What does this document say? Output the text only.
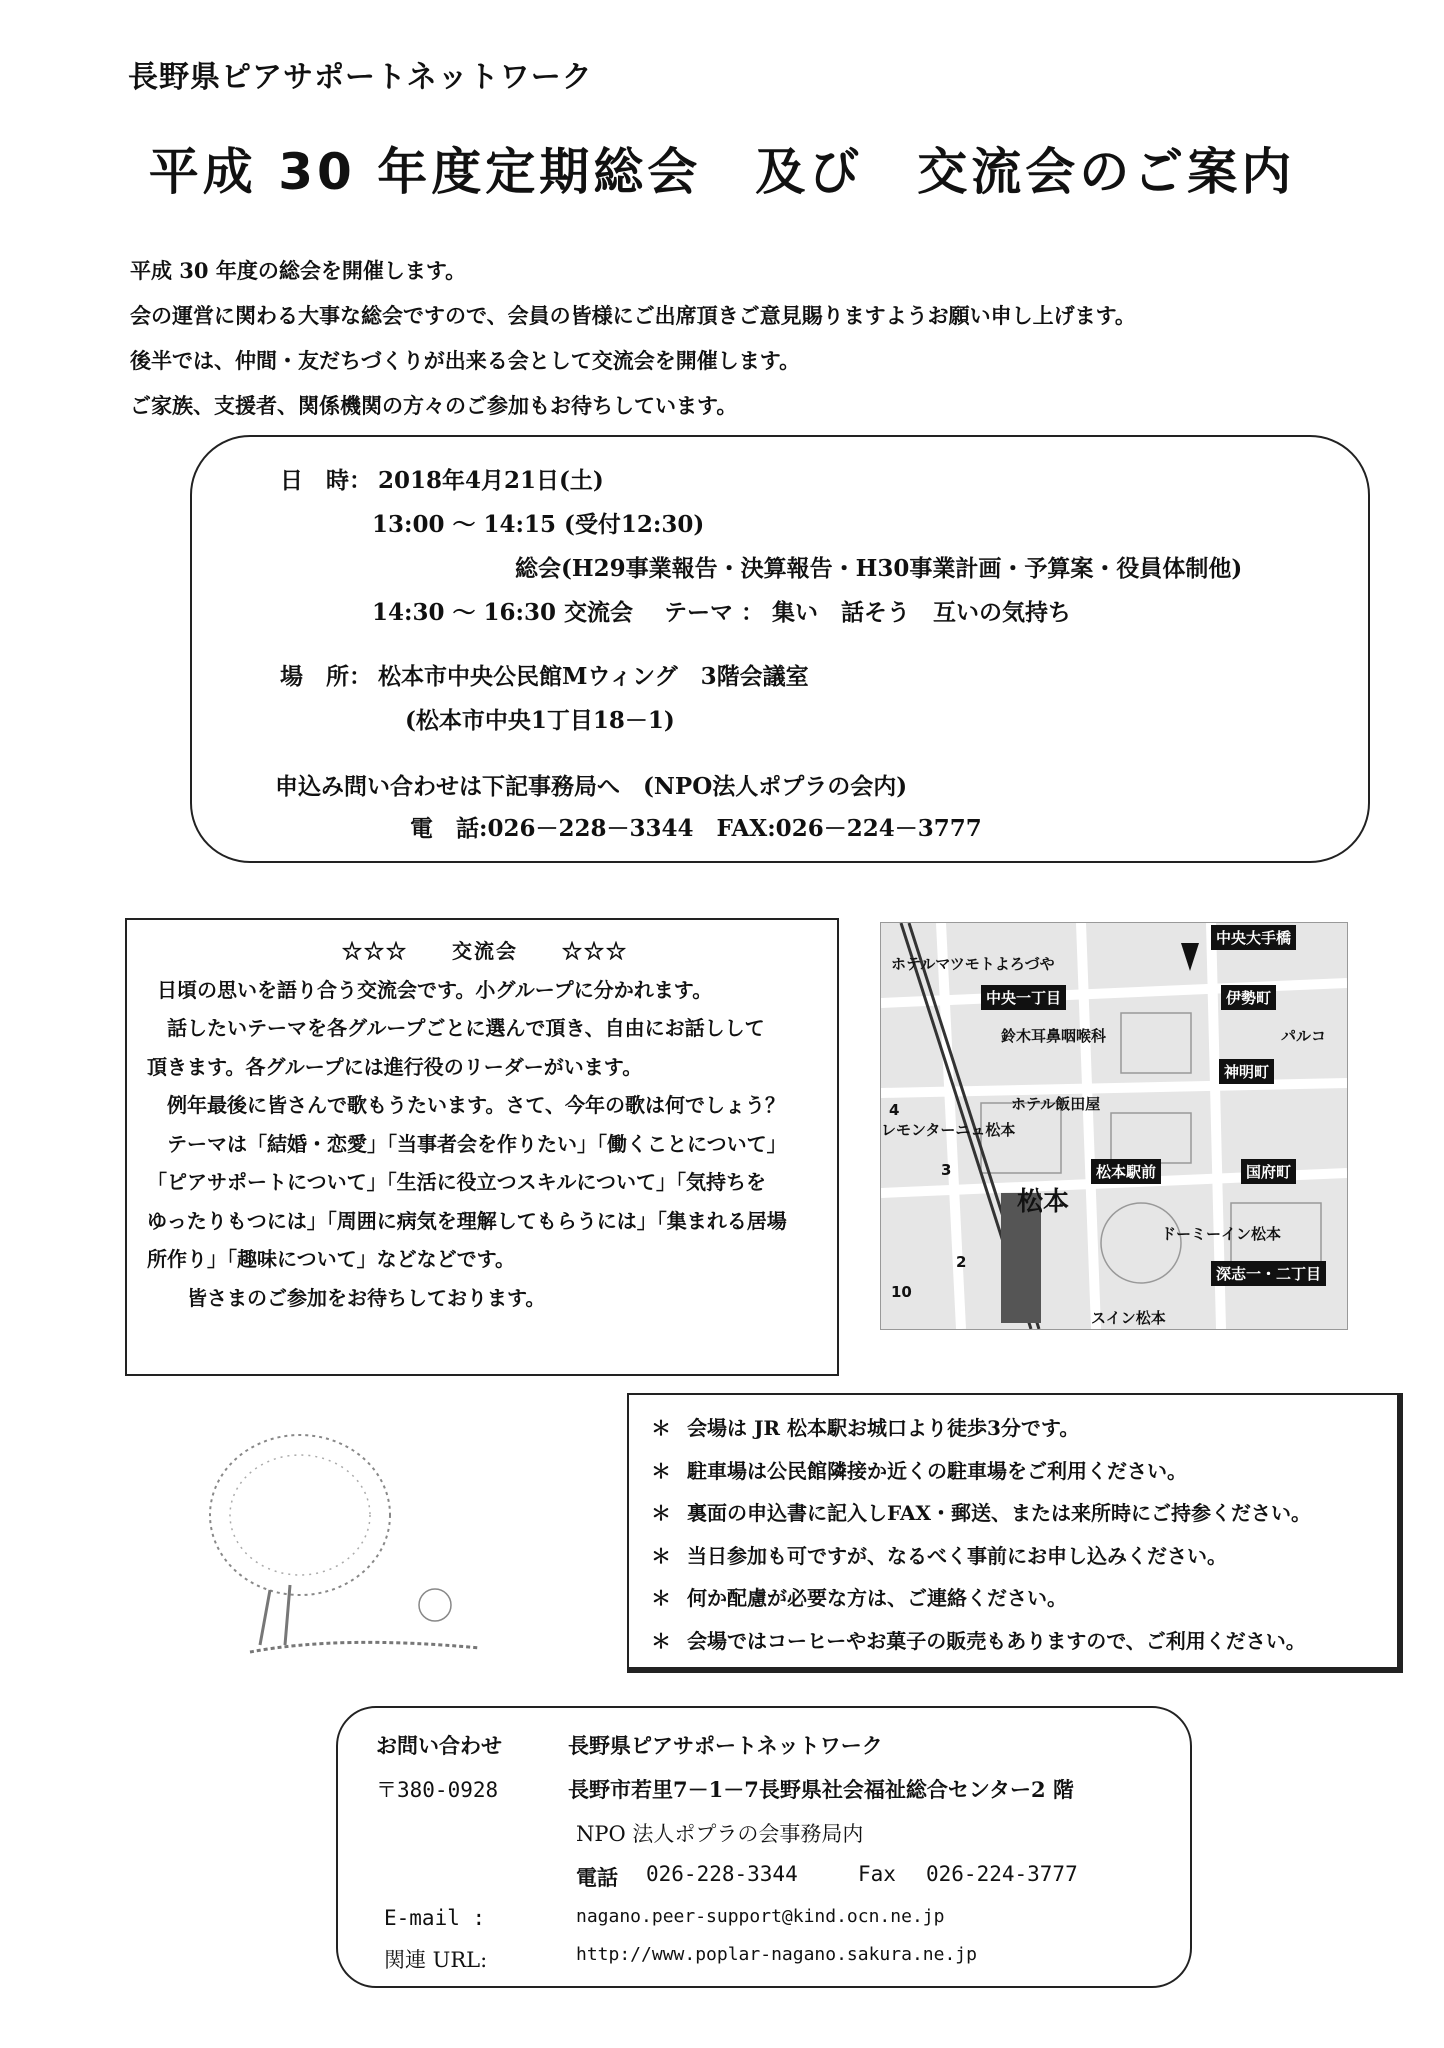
長野県ピアサポートネットワーク
平成 30 年度定期総会　及び　交流会のご案内
平成 30 年度の総会を開催します。
会の運営に関わる大事な総会ですので、会員の皆様にご出席頂きご意見賜りますようお願い申し上げます。
後半では、仲間・友だちづくりが出来る会として交流会を開催します。
ご家族、支援者、関係機関の方々のご参加もお待ちしています。
日　時： 2018年4月21日(土)
13:00 ～ 14:15 (受付12:30)
総会(H29事業報告・決算報告・H30事業計画・予算案・役員体制他)
14:30 ～ 16:30 交流会　 テーマ ： 集い　話そう　互いの気持ち
場　所： 松本市中央公民館Mウィング　3階会議室
(松本市中央1丁目18－1)
申込み問い合わせは下記事務局へ　(NPO法人ポプラの会内)
電　話:026－228－3344　FAX:026－224－3777
☆☆☆　　交流会　　☆☆☆
日頃の思いを語り合う交流会です。小グループに分かれます。
話したいテーマを各グループごとに選んで頂き、自由にお話しして
頂きます。各グループには進行役のリーダーがいます。
例年最後に皆さんで歌もうたいます。さて、今年の歌は何でしょう？
テーマは「結婚・恋愛」「当事者会を作りたい」「働くことについて」
「ピアサポートについて」「生活に役立つスキルについて」「気持ちを
ゆったりもつには」「周囲に病気を理解してもらうには」「集まれる居場
所作り」「趣味について」などなどです。
皆さまのご参加をお待ちしております。
ホテルマツモトよろづや
中央大手橋
中央一丁目	伊勢町
パルコ
鈴木耳鼻咽喉科
神明町
ホテル飯田屋
レモンターニュ松本
松本駅前	国府町
松本
ドーミーイン松本
深志一・二丁目
スイン松本
4
3
10
2
＊ 会場は JR 松本駅お城口より徒歩3分です。
＊ 駐車場は公民館隣接か近くの駐車場をご利用ください。
＊ 裏面の申込書に記入しFAX・郵送、または来所時にご持参ください。
＊ 当日参加も可ですが、なるべく事前にお申し込みください。
＊ 何か配慮が必要な方は、ご連絡ください。
＊ 会場ではコーヒーやお菓子の販売もありますので、ご利用ください。
お問い合わせ	長野県ピアサポートネットワーク
〒380-0928	長野市若里7－1－7長野県社会福祉総合センター2 階
NPO 法人ポプラの会事務局内
電話 026-228-3344	Fax 026-224-3777
E-mail :	nagano.peer-support@kind.ocn.ne.jp
関連 URL:	http://www.poplar-nagano.sakura.ne.jp
